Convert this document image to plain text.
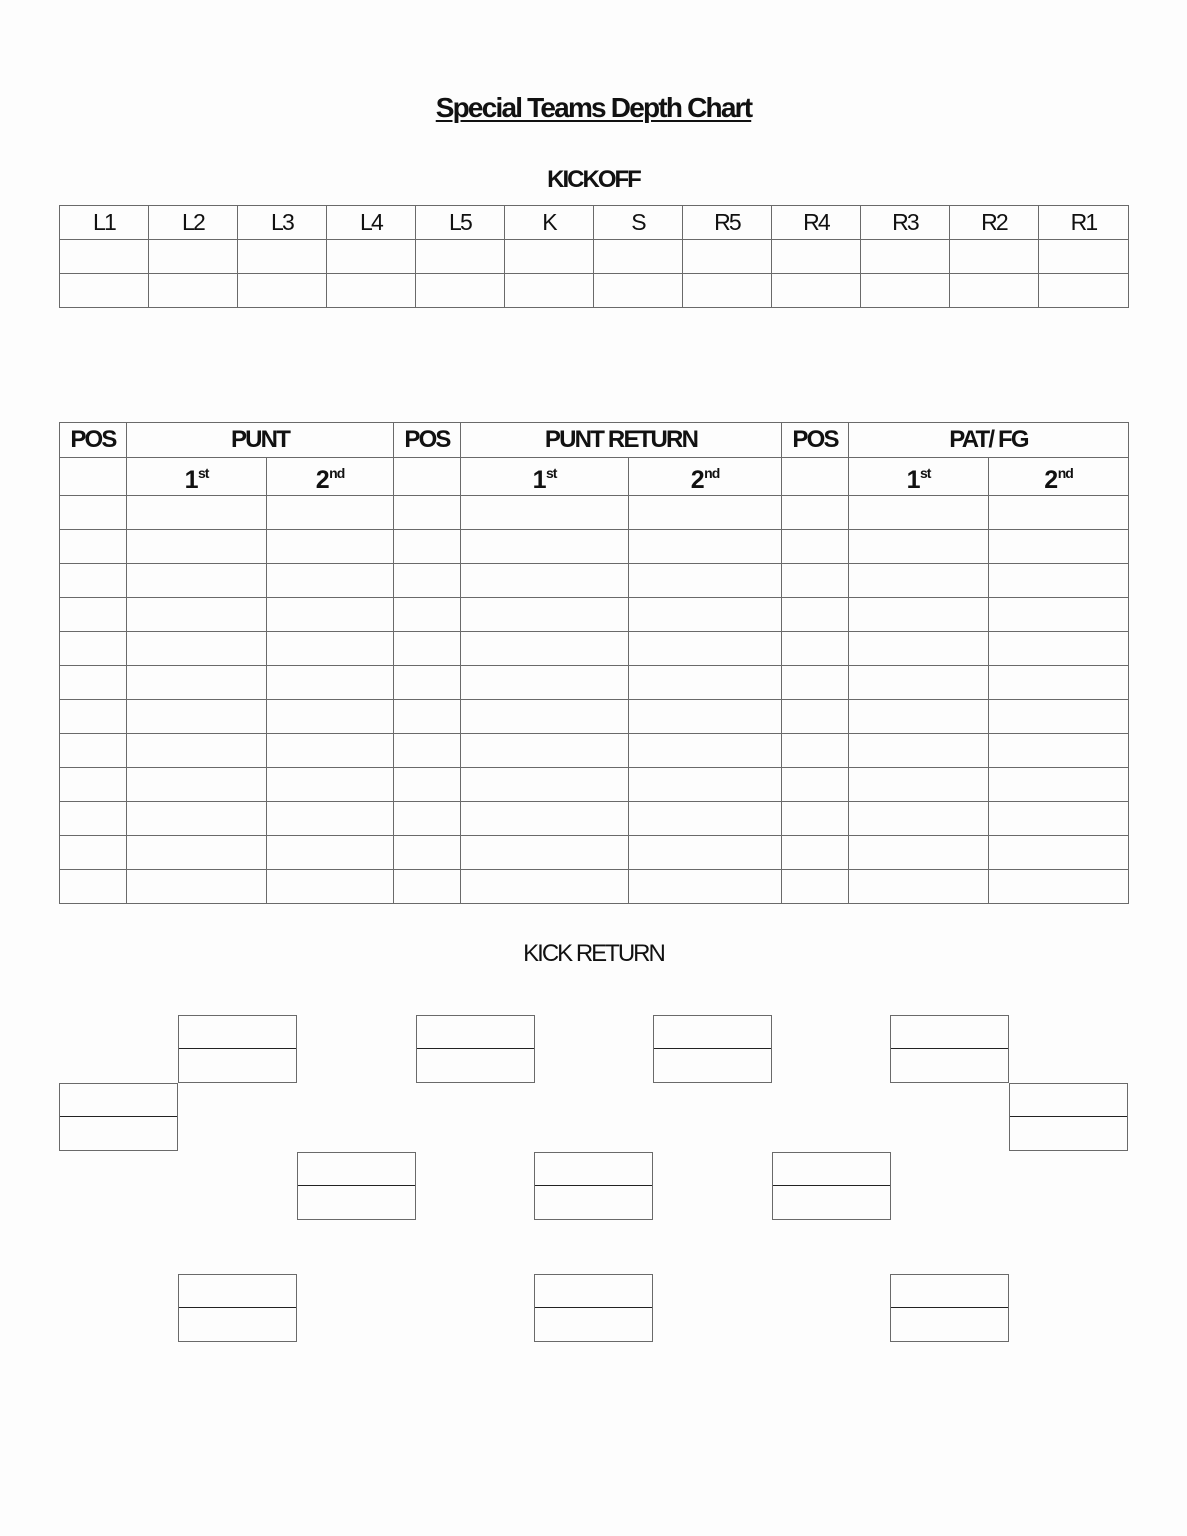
Special Teams Depth Chart
KICKOFF
L1	L2	L3	L4	L5	K	S	R5	R4	R3	R2	R1

POS	PUNT		POS	PUNT RETURN		POS	PAT/ FG	
	1st	2nd		1st	2nd		1st	2nd

KICK RETURN
